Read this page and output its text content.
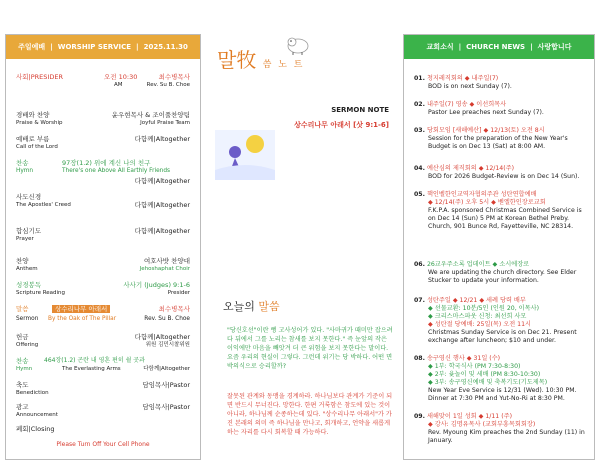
주일예배 | WORSHIP SERVICE | 2025.11.30
사회|PRESIDER	오전 10:30	최수병목사
AM	Rev. Su B. Choe
경배와 찬양	윤우현목사 & 조이풀찬양팀
Praise & Worship	Joyful Praise Team
예배로 부름	다함께|Altogether
Call of the Lord
찬송	97장(1.2) 위에 계신 나의 친구
Hymn	There's one Above All Earthly Friends
다함께|Altogether
사도신경
The Apostles' Creed	다함께|Altogether
합심기도	다함께|Altogether
Prayer
찬양	여호사밧 찬양대
Anthem	Jehoshaphat Choir
성경봉독	사사기 (Judges) 9:1-6
Scripture Reading	Presider
말씀	상수리나무 아래서	최수병목사
Sermon By the Oak of The Pillar	Rev. Su B. Choe
헌금	다함께|Altogether
Offering	위원 김민시찰위원
찬송	464장(1.2) 곤란 내 영혼 편히 쉴 곳과
Hymn	The Everlasting Arms	다함께|Altogether
축도	담임목사|Pastor
Benediction
광고	담임목사|Pastor
Announcement
폐회|Closing
Please Turn Off Your Cell Phone
말牧 씀 노 트
SERMON NOTE
상수리나무 아래서 [삿 9:1-6]
오늘의 말씀
"당신호선"이란 뻥 고사성어가 있다. "사마귀가 때미만 잡으려다 뒤에서 그를 노리는 참새를 보지 못한다." 즉 눈앞의 작은 이익에만 마음을 빼앗겨 더 큰 위험을 보지 못한다는 말이다. 요즘 우리의 현실이 그렇다. 그런데 위기는 당 박하다. 어떤 면박의식으로 승리할까?
잘못된 관계와 동맹을 경계하라. 하나님보다 관계가 기준이 되면 반드시 무너진다. 망한다. 한편 거룩함은 참도에 있는 것이 아니라, 하나님께 순종하는데 있다. "상수리나무 아래서"가 가진 본래의 의미 즉 하나님을 만나고, 회개하고, 언약을 새롭게 하는 자리를 다시 회복할 때 가능하다.
교회소식 | CHURCH NEWS | 사랑합니다
01. 청지레직회의 ◆ 내주일(7)
BOD is on next Sunday (7).
02. 내주일(7) 영송 ◆ 이선희목사
Pastor Lee preaches next Sunday (7).
03. 당회모임 [새해예산] ◆ 12/13(토) 오전 8시

Session for the preparation of the New Year's Budget is on Dec 13 (Sat) at 8:00 AM.
04. 예산심의 제직회의 ◆ 12/14(주)
BOD for 2026 Budget-Review is on Dec 14 (Sun).
05. 핵인벨한인교역자협의주관 성탄연합예배
◆ 12/14(주) 오후 5시 ◆ 벧엘한인장로교회
F.K.P.A. sponsored Christmas Combined Service is on Dec 14 (Sun) 5 PM at Korean Bethel Preby. Church, 901 Bunce Rd, Fayetteville, NC 28314.
06. 26교우주소록 업데이트 ◆ 소시에장로

We are updating the church directory. See Elder Stucker to update your information.
07. 성탄주일 ◆ 12/21 ◆ 세례 당력 배부
◆ 선물교환: 10분/5인 (인원 20, 이목사)
◆ 크리스마스파웃 신청: 최선희 사모
◆ 성탄절 당예배: 25일(목) 오전 11시
Christmas Sunday Service is on Dec 21. Present exchange after luncheon; $10 and under.
08. 송구영신 행사 ◆ 31일 (수)
◆ 1부: 학국식사 (PM 7:30-8:30)
◆ 2부: 윷놀이 및 세배 (PM 8:30-10:30)
◆ 3부: 송구영신예배 및 축복기도(기도제목)
New Year Eve Service is 12/31 (Wed). 10:30 PM. Dinner at 7:30 PM and Yut-No-Ri at 8:30 PM.
09. 새해맞이 1일 성회 ◆ 1/11 (주)
◆ 강사: 김명유목사 (교회부흥목회회장)
Rev. Myoung Kim preaches the 2nd Sunday (11) in January.
